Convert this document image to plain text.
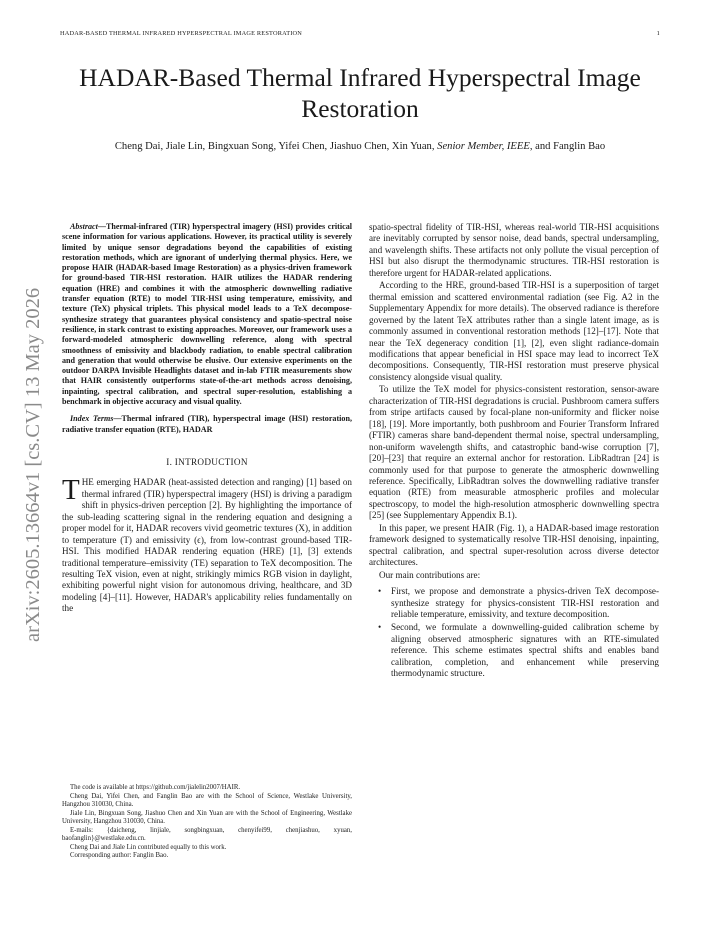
HADAR-BASED THERMAL INFRARED HYPERSPECTRAL IMAGE RESTORATION	1
HADAR-Based Thermal Infrared Hyperspectral Image Restoration
Cheng Dai, Jiale Lin, Bingxuan Song, Yifei Chen, Jiashuo Chen, Xin Yuan, Senior Member, IEEE, and Fanglin Bao
arXiv:2605.13664v1 [cs.CV] 13 May 2026

Abstract—Thermal-infrared (TIR) hyperspectral imagery (HSI) provides critical scene information for various applications. However, its practical utility is severely limited by unique sensor degradations beyond the capabilities of existing restoration methods, which are ignorant of underlying thermal physics. Here, we propose HAIR (HADAR-based Image Restoration) as a physics-driven framework for ground-based TIR-HSI restoration. HAIR utilizes the HADAR rendering equation (HRE) and combines it with the atmospheric downwelling radiative transfer equation (RTE) to model TIR-HSI using temperature, emissivity, and texture (TeX) physical triplets. This physical model leads to a TeX decompose-synthesize strategy that guarantees physical consistency and spatio-spectral noise resilience, in stark contrast to existing approaches. Moreover, our framework uses a forward-modeled atmospheric downwelling reference, along with spectral smoothness of emissivity and blackbody radiation, to enable spectral calibration and generation that would otherwise be elusive. Our extensive experiments on the outdoor DARPA Invisible Headlights dataset and in-lab FTIR measurements show that HAIR consistently outperforms state-of-the-art methods across denoising, inpainting, spectral calibration, and spectral super-resolution, establishing a benchmark in objective accuracy and visual quality.

Index Terms—Thermal infrared (TIR), hyperspectral image (HSI) restoration, radiative transfer equation (RTE), HADAR

I. INTRODUCTION

THE emerging HADAR (heat-assisted detection and ranging) [1] based on thermal infrared (TIR) hyperspectral imagery (HSI) is driving a paradigm shift in physics-driven perception [2]. By highlighting the importance of the sub-leading scattering signal in the rendering equation and designing a proper model for it, HADAR recovers vivid geometric textures (X), in addition to temperature (T) and emissivity (ϵ), from low-contrast ground-based TIR-HSI. This modified HADAR rendering equation (HRE) [1], [3] extends traditional temperature–emissivity (TE) separation to TeX decomposition. The resulting TeX vision, even at night, strikingly mimics RGB vision in daylight, exhibiting powerful night vision for autonomous driving, healthcare, and 3D modeling [4]–[11]. However, HADAR's applicability relies fundamentally on the

The code is available at https://github.com/jialelin2007/HAIR.

Cheng Dai, Yifei Chen, and Fanglin Bao are with the School of Science, Westlake University, Hangzhou 310030, China.

Jiale Lin, Bingxuan Song, Jiashuo Chen and Xin Yuan are with the School of Engineering, Westlake University, Hangzhou 310030, China.

E-mails: {daicheng, linjiale, songbingxuan, chenyifei99, chenjiashuo, xyuan, baofanglin}@westlake.edu.cn.

Cheng Dai and Jiale Lin contributed equally to this work.

Corresponding author: Fanglin Bao.

spatio-spectral fidelity of TIR-HSI, whereas real-world TIR-HSI acquisitions are inevitably corrupted by sensor noise, dead bands, spectral undersampling, and wavelength shifts. These artifacts not only pollute the visual perception of HSI but also disrupt the thermodynamic structures. TIR-HSI restoration is therefore urgent for HADAR-related applications.

According to the HRE, ground-based TIR-HSI is a superposition of target thermal emission and scattered environmental radiation (see Fig. A2 in the Supplementary Appendix for more details). The observed radiance is therefore governed by the latent TeX attributes rather than a single latent image, as is commonly assumed in conventional restoration methods [12]–[17]. Note that near the TeX degeneracy condition [1], [2], even slight radiance-domain modifications that appear beneficial in HSI space may lead to incorrect TeX decompositions. Consequently, TIR-HSI restoration must preserve physical consistency alongside visual quality.

To utilize the TeX model for physics-consistent restoration, sensor-aware characterization of TIR-HSI degradations is crucial. Pushbroom camera suffers from stripe artifacts caused by focal-plane non-uniformity and flicker noise [18], [19]. More importantly, both pushbroom and Fourier Transform Infrared (FTIR) cameras share band-dependent thermal noise, spectral undersampling, non-uniform wavelength shifts, and catastrophic band-wise corruption [7], [20]–[23] that require an external anchor for restoration. LibRadtran [24] is commonly used for that purpose to generate the atmospheric downwelling reference. Specifically, LibRadtran solves the downwelling radiative transfer equation (RTE) from measurable atmospheric profiles and molecular spectroscopy, to model the high-resolution atmospheric downwelling spectra [25] (see Supplementary Appendix B.1).

In this paper, we present HAIR (Fig. 1), a HADAR-based image restoration framework designed to systematically resolve TIR-HSI denoising, inpainting, spectral calibration, and spectral super-resolution across diverse detector architectures.

Our main contributions are:

• First, we propose and demonstrate a physics-driven TeX decompose-synthesize strategy for physics-consistent TIR-HSI restoration and reliable temperature, emissivity, and texture decomposition.
• Second, we formulate a downwelling-guided calibration scheme by aligning observed atmospheric signatures with an RTE-simulated reference. This scheme estimates spectral shifts and enables band calibration, completion, and enhancement while preserving thermodynamic structure.
